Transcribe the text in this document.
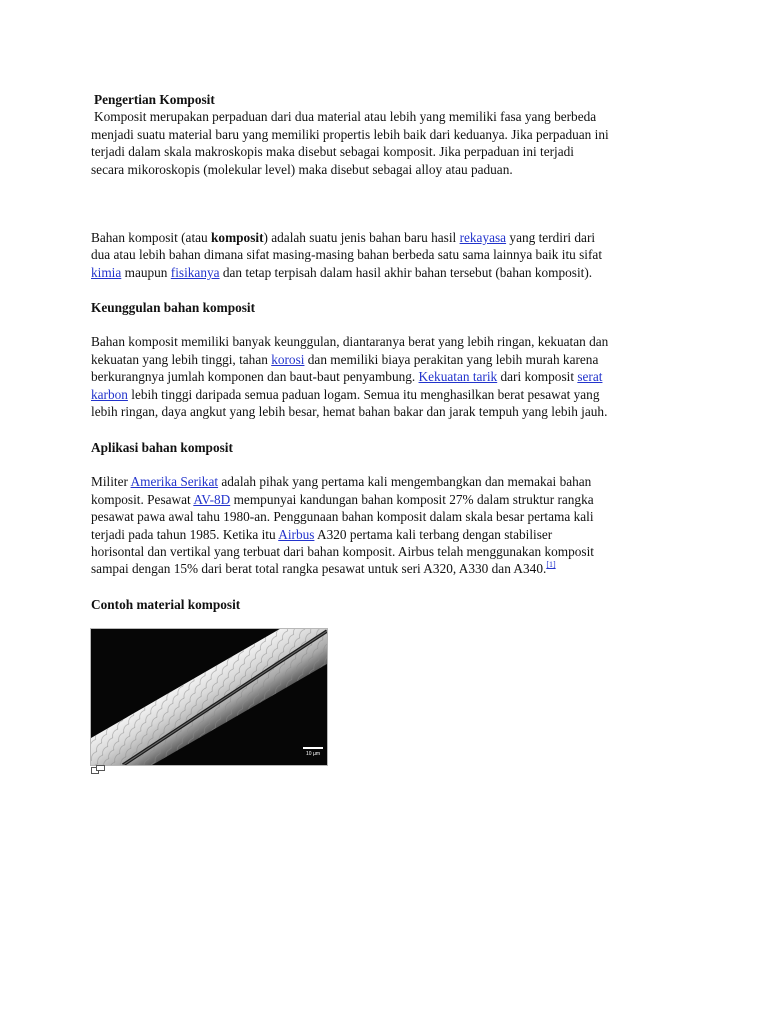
Pengertian Komposit
Komposit merupakan perpaduan dari dua material atau lebih yang memiliki fasa yang berbeda
menjadi suatu material baru yang memiliki propertis lebih baik dari keduanya. Jika perpaduan ini
terjadi dalam skala makroskopis maka disebut sebagai komposit. Jika perpaduan ini terjadi
secara mikoroskopis (molekular level) maka disebut sebagai alloy atau paduan.
Bahan komposit (atau komposit) adalah suatu jenis bahan baru hasil rekayasa yang terdiri dari
dua atau lebih bahan dimana sifat masing-masing bahan berbeda satu sama lainnya baik itu sifat
kimia maupun fisikanya dan tetap terpisah dalam hasil akhir bahan tersebut (bahan komposit).
Keunggulan bahan komposit
Bahan komposit memiliki banyak keunggulan, diantaranya berat yang lebih ringan, kekuatan dan
kekuatan yang lebih tinggi, tahan korosi dan memiliki biaya perakitan yang lebih murah karena
berkurangnya jumlah komponen dan baut-baut penyambung. Kekuatan tarik dari komposit serat
karbon lebih tinggi daripada semua paduan logam. Semua itu menghasilkan berat pesawat yang
lebih ringan, daya angkut yang lebih besar, hemat bahan bakar dan jarak tempuh yang lebih jauh.
Aplikasi bahan komposit
Militer Amerika Serikat adalah pihak yang pertama kali mengembangkan dan memakai bahan
komposit. Pesawat AV-8D mempunyai kandungan bahan komposit 27% dalam struktur rangka
pesawat pawa awal tahu 1980-an. Penggunaan bahan komposit dalam skala besar pertama kali
terjadi pada tahun 1985. Ketika itu Airbus A320 pertama kali terbang dengan stabiliser
horisontal dan vertikal yang terbuat dari bahan komposit. Airbus telah menggunakan komposit
sampai dengan 15% dari berat total rangka pesawat untuk seri A320, A330 dan A340.[1]
Contoh material komposit
10 µm
